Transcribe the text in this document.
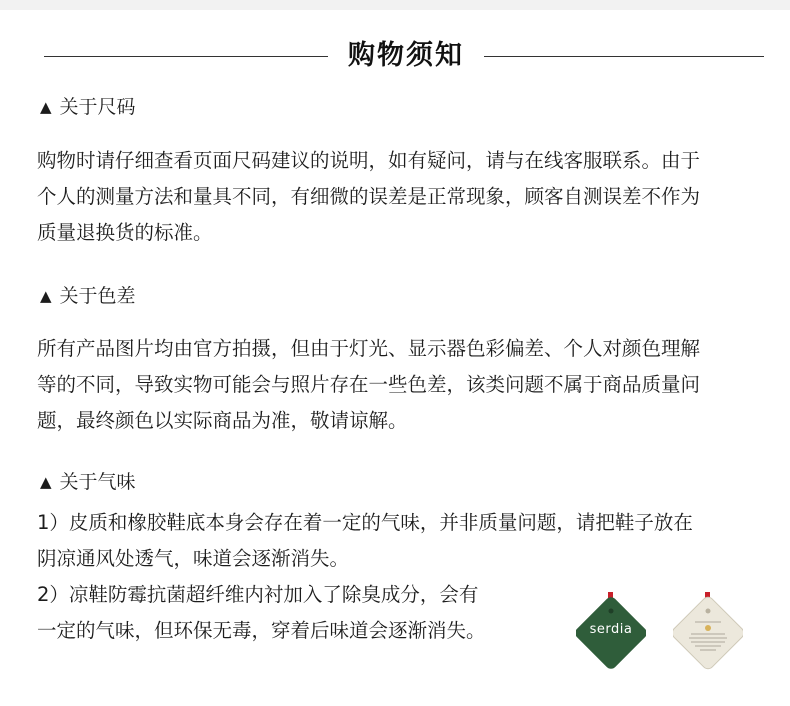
购物须知
▲ 关于尺码
购物时请仔细查看页面尺码建议的说明，如有疑问，请与在线客服联系。由于
个人的测量方法和量具不同，有细微的误差是正常现象，顾客自测误差不作为
质量退换货的标准。
▲ 关于色差
所有产品图片均由官方拍摄，但由于灯光、显示器色彩偏差、个人对颜色理解
等的不同，导致实物可能会与照片存在一些色差，该类问题不属于商品质量问
题，最终颜色以实际商品为准，敬请谅解。
▲ 关于气味
1）皮质和橡胶鞋底本身会存在着一定的气味，并非质量问题，请把鞋子放在
阴凉通风处透气，味道会逐渐消失。
2）凉鞋防霉抗菌超纤维内衬加入了除臭成分，会有
一定的气味，但环保无毒，穿着后味道会逐渐消失。	serdia
